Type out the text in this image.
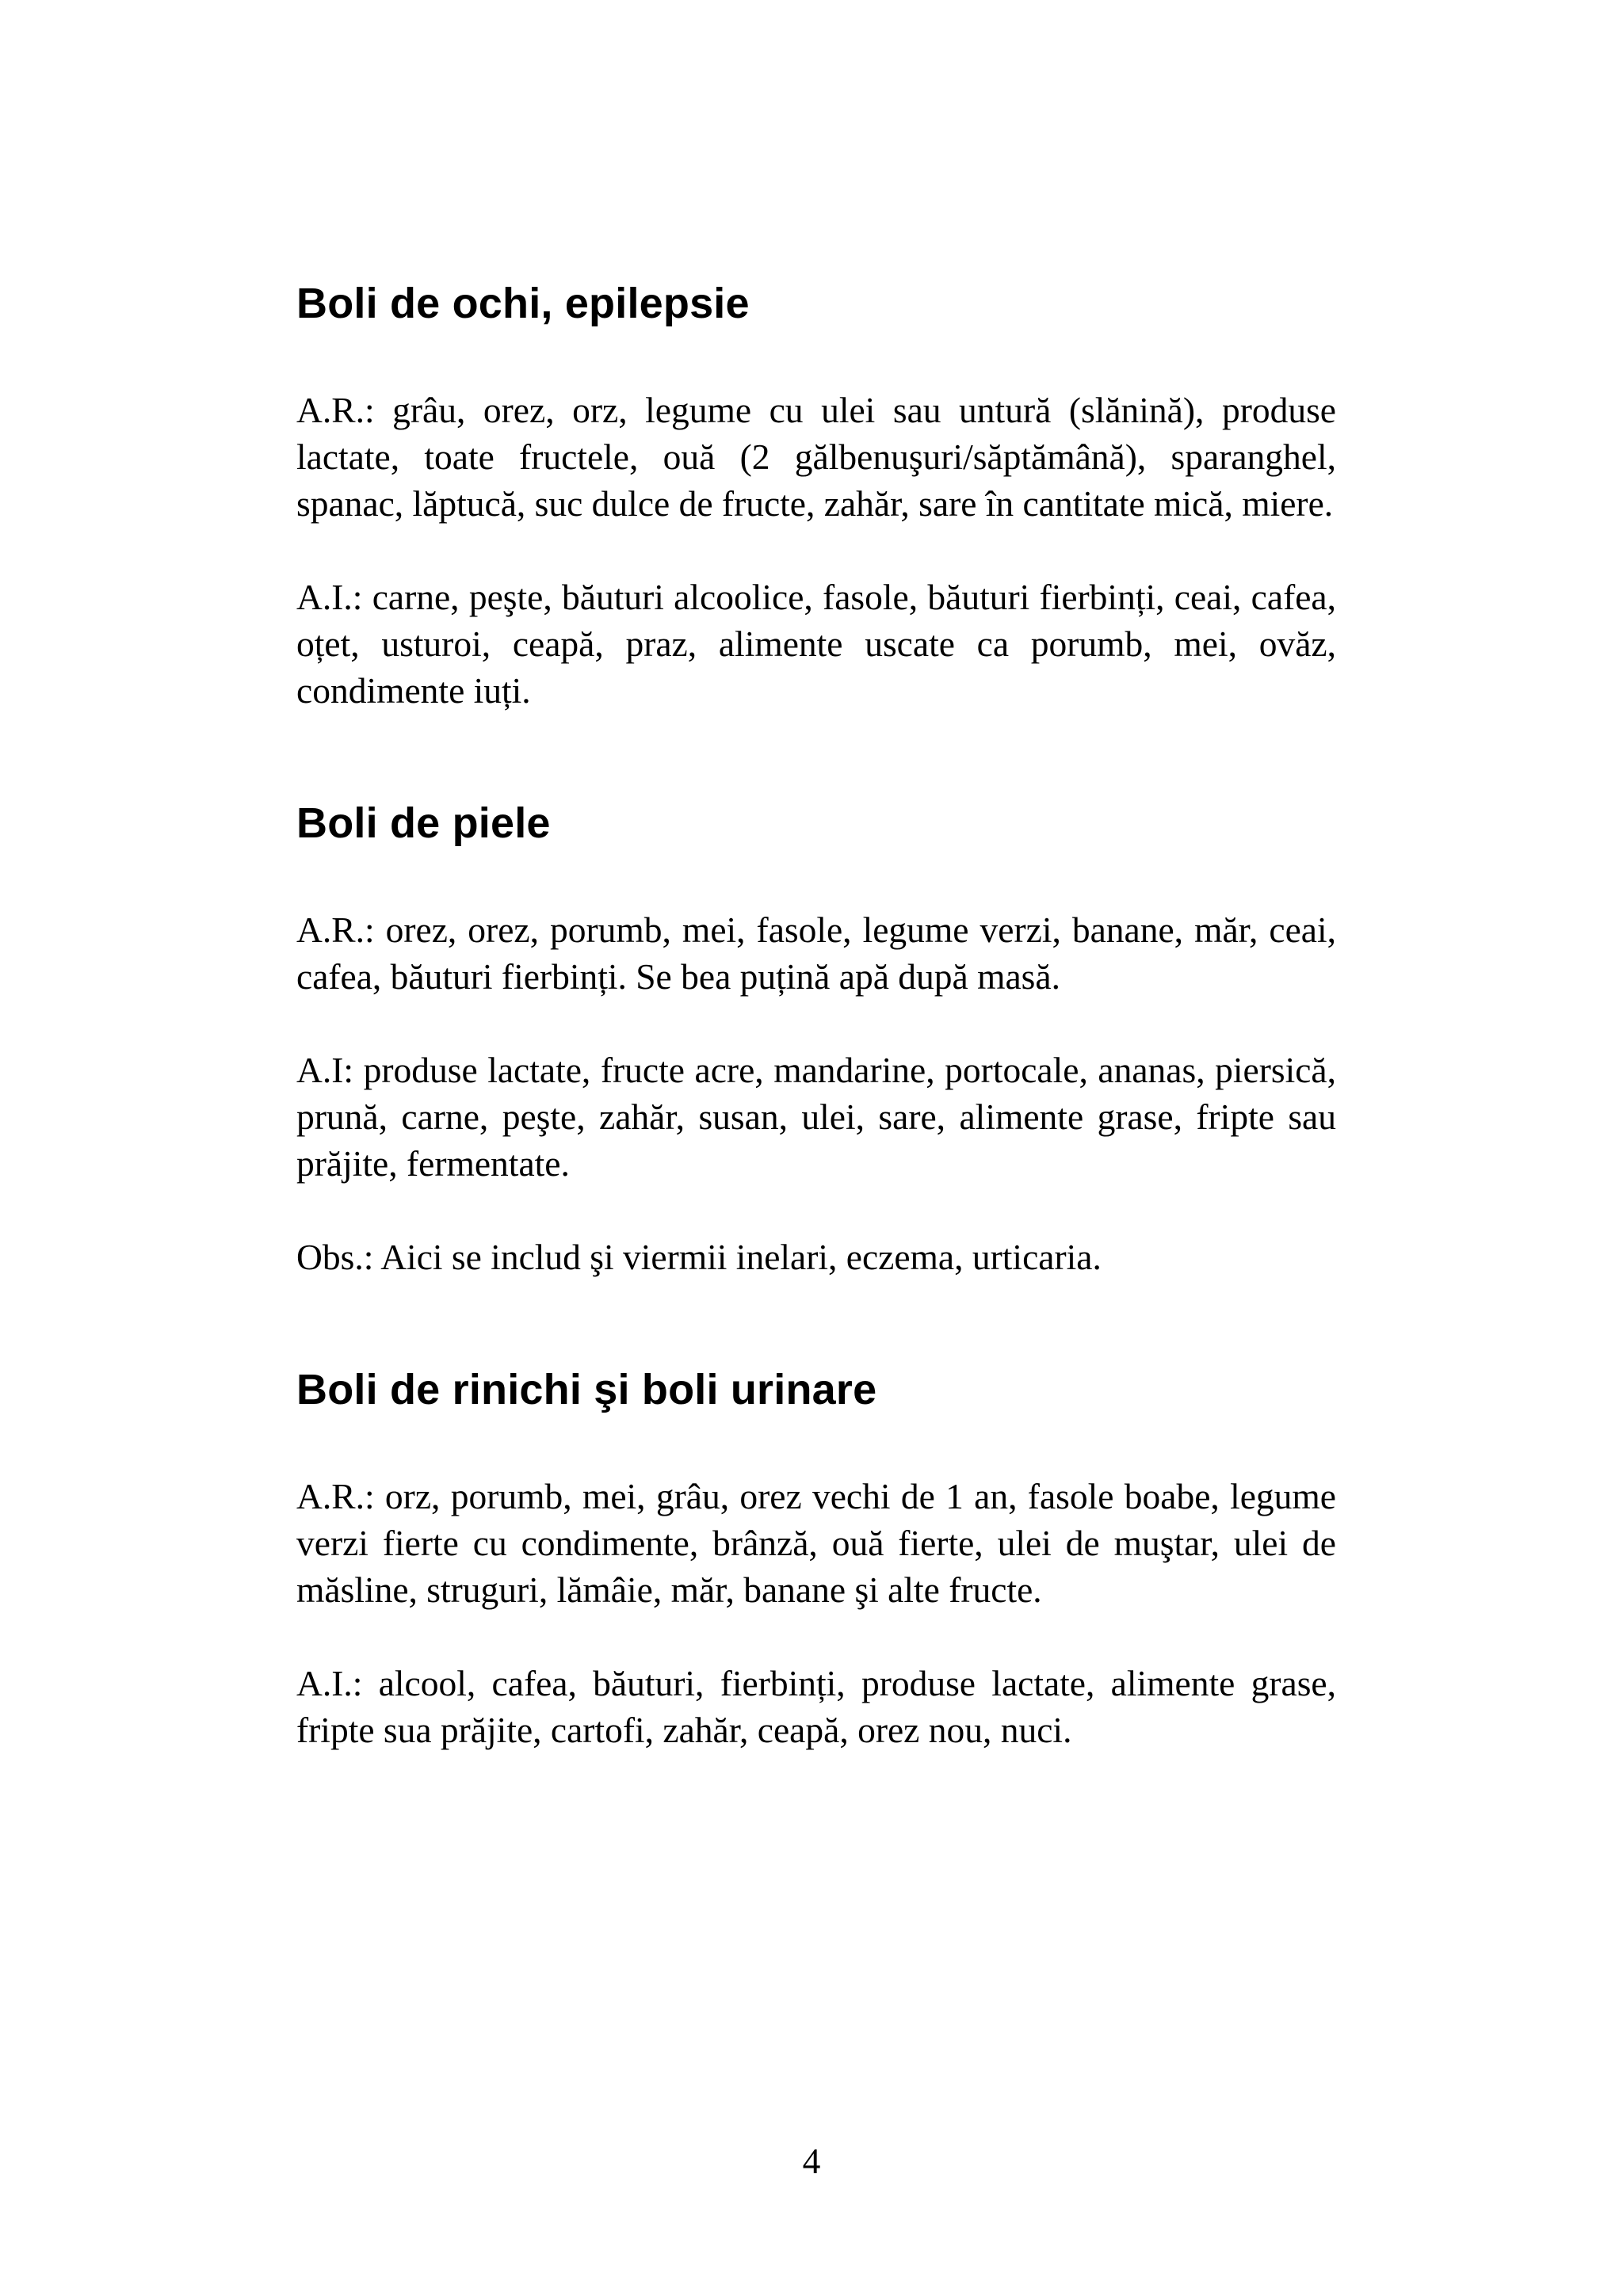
Boli de ochi, epilepsie

A.R.: grâu, orez, orz, legume cu ulei sau untură (slănină), produse lactate, toate fructele, ouă (2 gălbenuşuri/săptămână), sparanghel, spanac, lăptucă, suc dulce de fructe, zahăr, sare în cantitate mică, miere.

A.I.: carne, peşte, băuturi alcoolice, fasole, băuturi fierbinți, ceai, cafea, oțet, usturoi, ceapă, praz, alimente uscate ca porumb, mei, ovăz, condimente iuți.

Boli de piele

A.R.: orez, orez, porumb, mei, fasole, legume verzi, banane, măr, ceai, cafea, băuturi fierbinți. Se bea puțină apă după masă.

A.I: produse lactate, fructe acre, mandarine, portocale, ananas, piersică, prună, carne, peşte, zahăr, susan, ulei, sare, alimente grase, fripte sau prăjite, fermentate.

Obs.: Aici se includ şi viermii inelari, eczema, urticaria.

Boli de rinichi şi boli urinare

A.R.: orz, porumb, mei, grâu, orez vechi de 1 an, fasole boabe, legume verzi fierte cu condimente, brânză, ouă fierte, ulei de muştar, ulei de măsline, struguri, lămâie, măr, banane şi alte fructe.

A.I.: alcool, cafea, băuturi, fierbinți, produse lactate, alimente grase, fripte sua prăjite, cartofi, zahăr, ceapă, orez nou, nuci.

4
